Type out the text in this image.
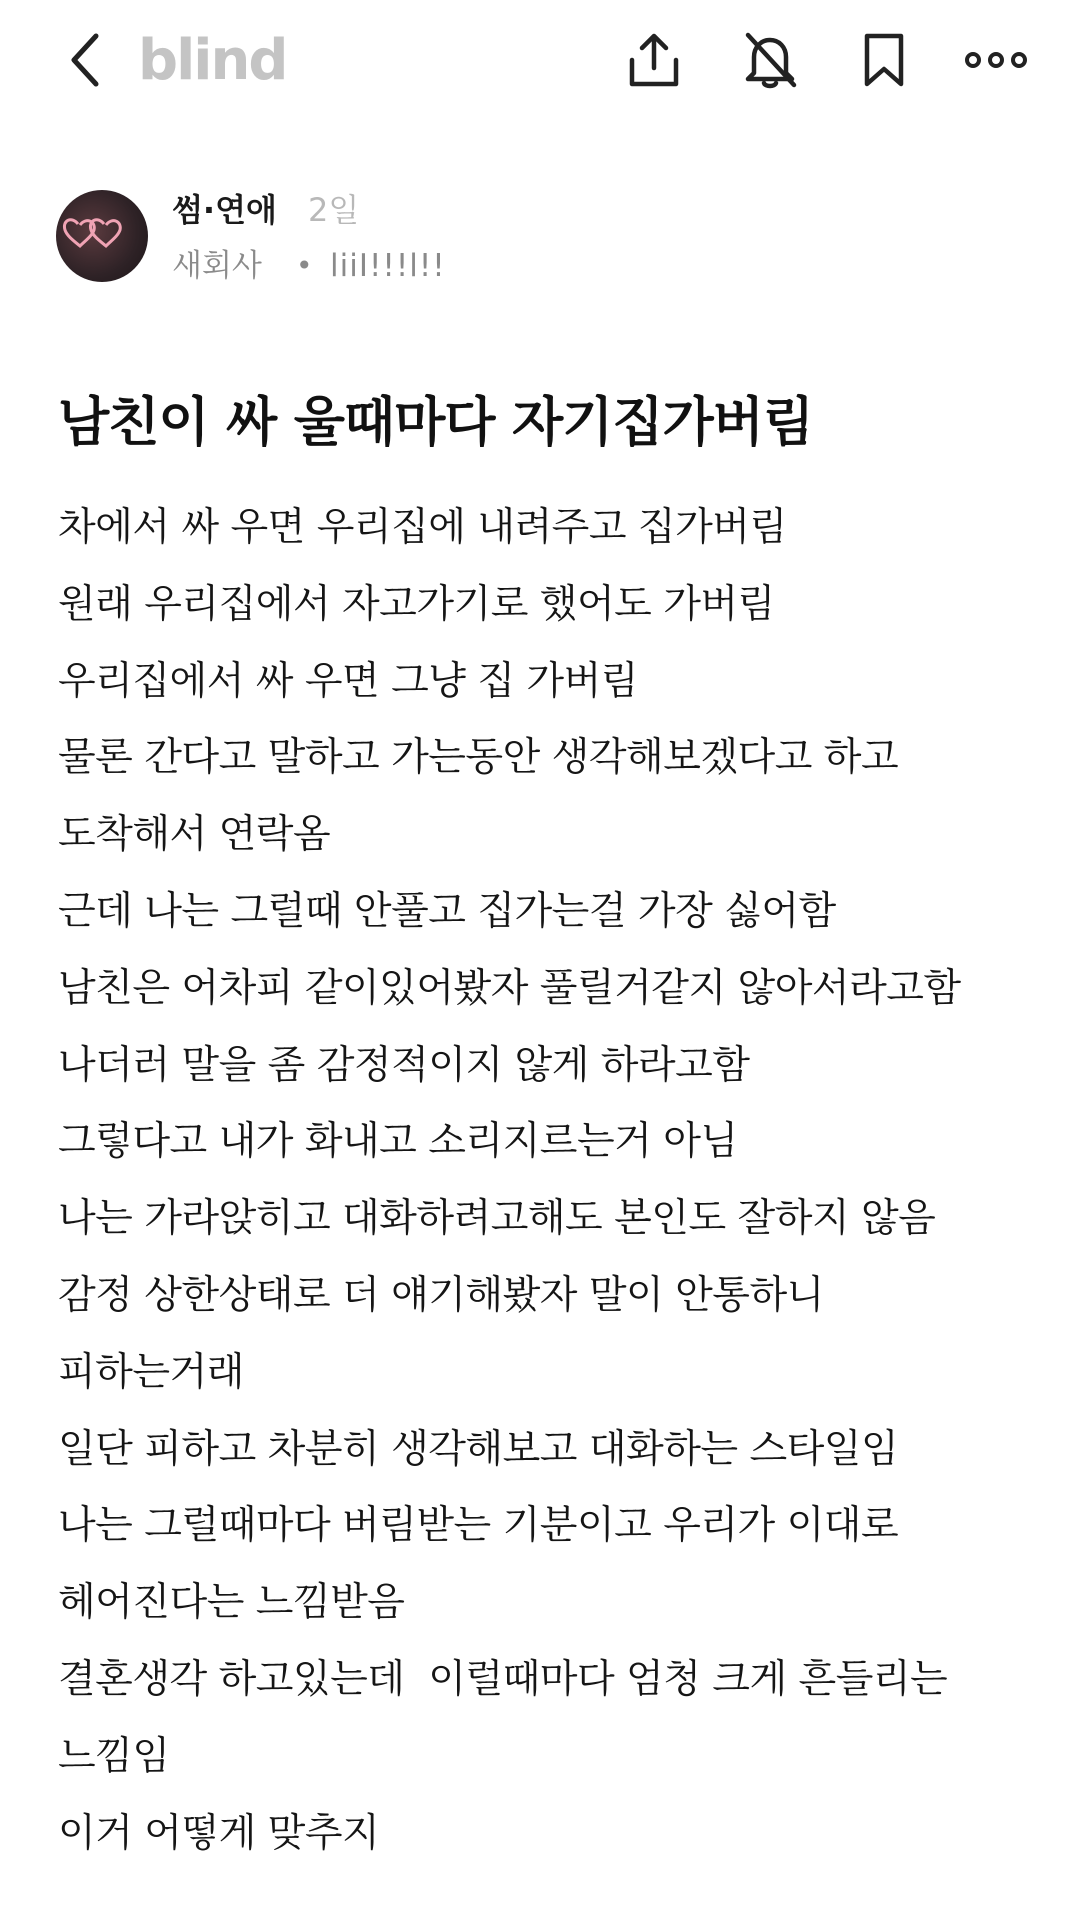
blind
썸·연애 2일
새회사 • liiI!!!l!!
남친이 싸 울때마다 자기집가버림
차에서 싸 우면 우리집에 내려주고 집가버림
원래 우리집에서 자고가기로 했어도 가버림
우리집에서 싸 우면 그냥 집 가버림
물론 간다고 말하고 가는동안 생각해보겠다고 하고
도착해서 연락옴
근데 나는 그럴때 안풀고 집가는걸 가장 싫어함
남친은 어차피 같이있어봤자 풀릴거같지 않아서라고함
나더러 말을 좀 감정적이지 않게 하라고함
그렇다고 내가 화내고 소리지르는거 아님
나는 가라앉히고 대화하려고해도 본인도 잘하지 않음
감정 상한상태로 더 얘기해봤자 말이 안통하니
피하는거래
일단 피하고 차분히 생각해보고 대화하는 스타일임
나는 그럴때마다 버림받는 기분이고 우리가 이대로
헤어진다는 느낌받음
결혼생각 하고있는데  이럴때마다 엄청 크게 흔들리는
느낌임
이거 어떻게 맞추지
